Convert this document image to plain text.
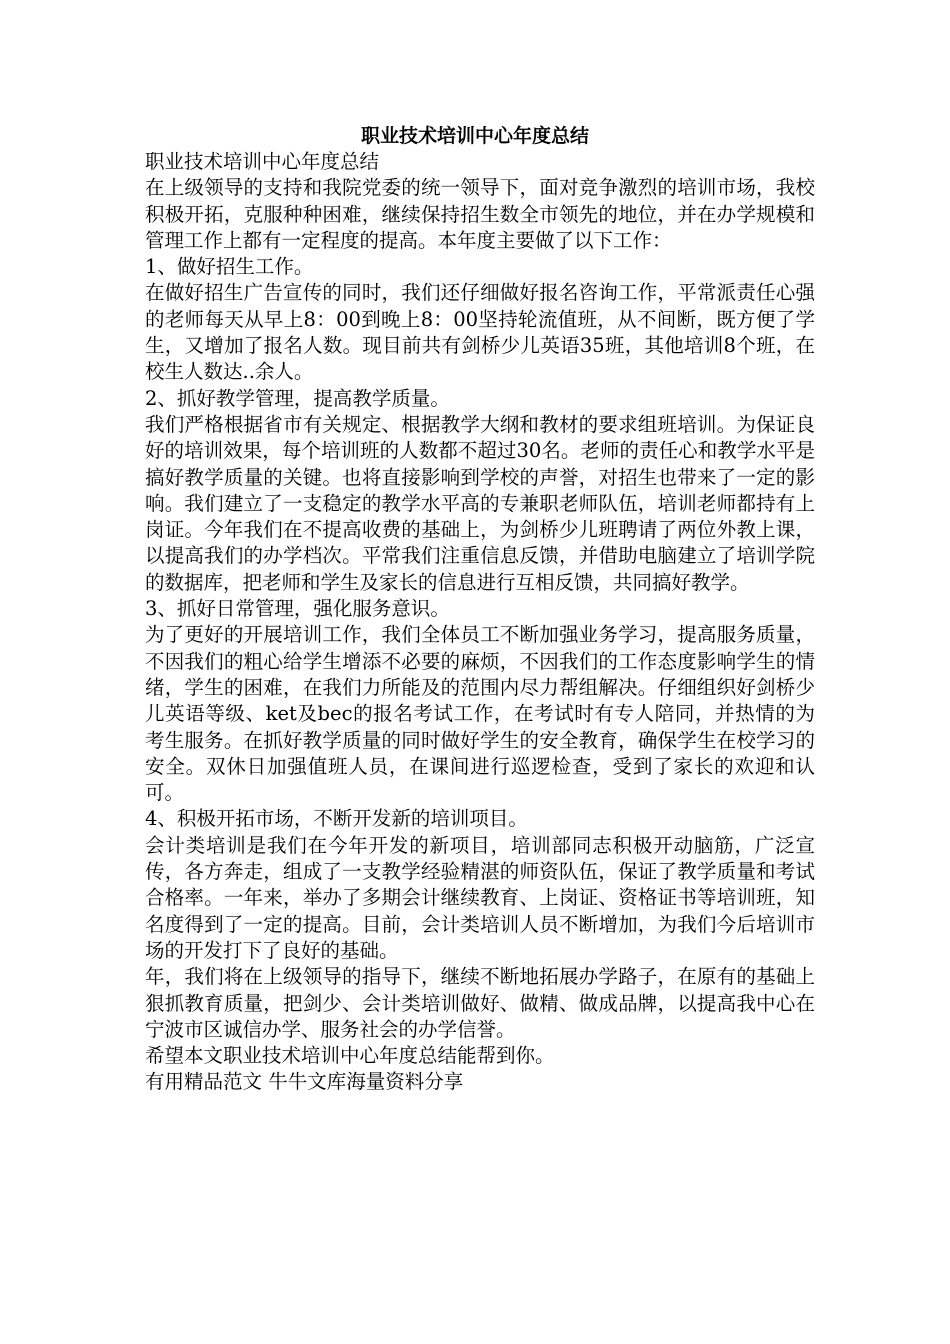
职业技术培训中心年度总结

职业技术培训中心年度总结

在上级领导的支持和我院党委的统一领导下，面对竞争激烈的培训市场，我校积极开拓，克服种种困难，继续保持招生数全市领先的地位，并在办学规模和管理工作上都有一定程度的提高。本年度主要做了以下工作：

1、做好招生工作。

在做好招生广告宣传的同时，我们还仔细做好报名咨询工作，平常派责任心强的老师每天从早上8：00到晚上8：00坚持轮流值班，从不间断，既方便了学生，又增加了报名人数。现目前共有剑桥少儿英语35班，其他培训8个班，在校生人数达..余人。

2、抓好教学管理，提高教学质量。

我们严格根据省市有关规定、根据教学大纲和教材的要求组班培训。为保证良好的培训效果，每个培训班的人数都不超过30名。老师的责任心和教学水平是搞好教学质量的关键。也将直接影响到学校的声誉，对招生也带来了一定的影响。我们建立了一支稳定的教学水平高的专兼职老师队伍，培训老师都持有上岗证。今年我们在不提高收费的基础上，为剑桥少儿班聘请了两位外教上课，以提高我们的办学档次。平常我们注重信息反馈，并借助电脑建立了培训学院的数据库，把老师和学生及家长的信息进行互相反馈，共同搞好教学。

3、抓好日常管理，强化服务意识。

为了更好的开展培训工作，我们全体员工不断加强业务学习，提高服务质量，不因我们的粗心给学生增添不必要的麻烦，不因我们的工作态度影响学生的情绪，学生的困难，在我们力所能及的范围内尽力帮组解决。仔细组织好剑桥少儿英语等级、ket及bec的报名考试工作，在考试时有专人陪同，并热情的为考生服务。在抓好教学质量的同时做好学生的安全教育，确保学生在校学习的安全。双休日加强值班人员，在课间进行巡逻检查，受到了家长的欢迎和认可。

4、积极开拓市场，不断开发新的培训项目。

会计类培训是我们在今年开发的新项目，培训部同志积极开动脑筋，广泛宣传，各方奔走，组成了一支教学经验精湛的师资队伍，保证了教学质量和考试合格率。一年来，举办了多期会计继续教育、上岗证、资格证书等培训班，知名度得到了一定的提高。目前，会计类培训人员不断增加，为我们今后培训市场的开发打下了良好的基础。

年，我们将在上级领导的指导下，继续不断地拓展办学路子，在原有的基础上狠抓教育质量，把剑少、会计类培训做好、做精、做成品牌，以提高我中心在宁波市区诚信办学、服务社会的办学信誉。

希望本文职业技术培训中心年度总结能帮到你。

有用精品范文 牛牛文库海量资料分享
